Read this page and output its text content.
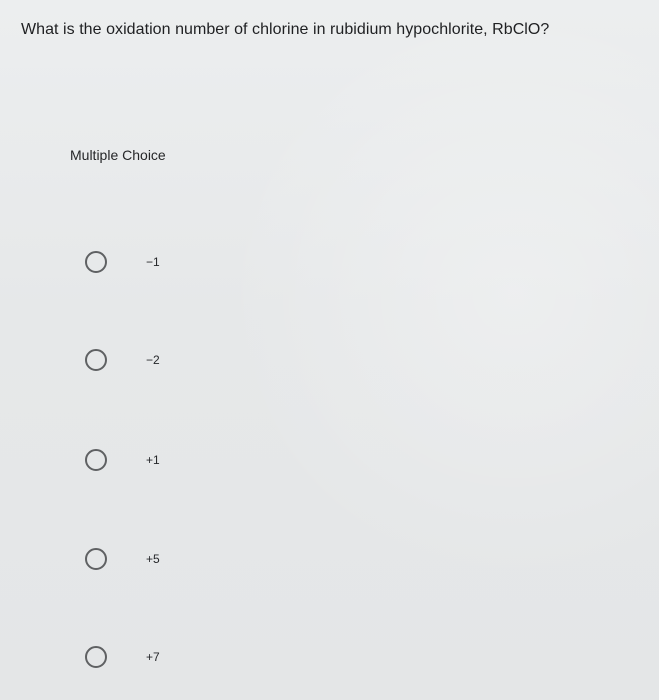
What is the oxidation number of chlorine in rubidium hypochlorite, RbClO?
Multiple Choice
−1
−2
+1
+5
+7
